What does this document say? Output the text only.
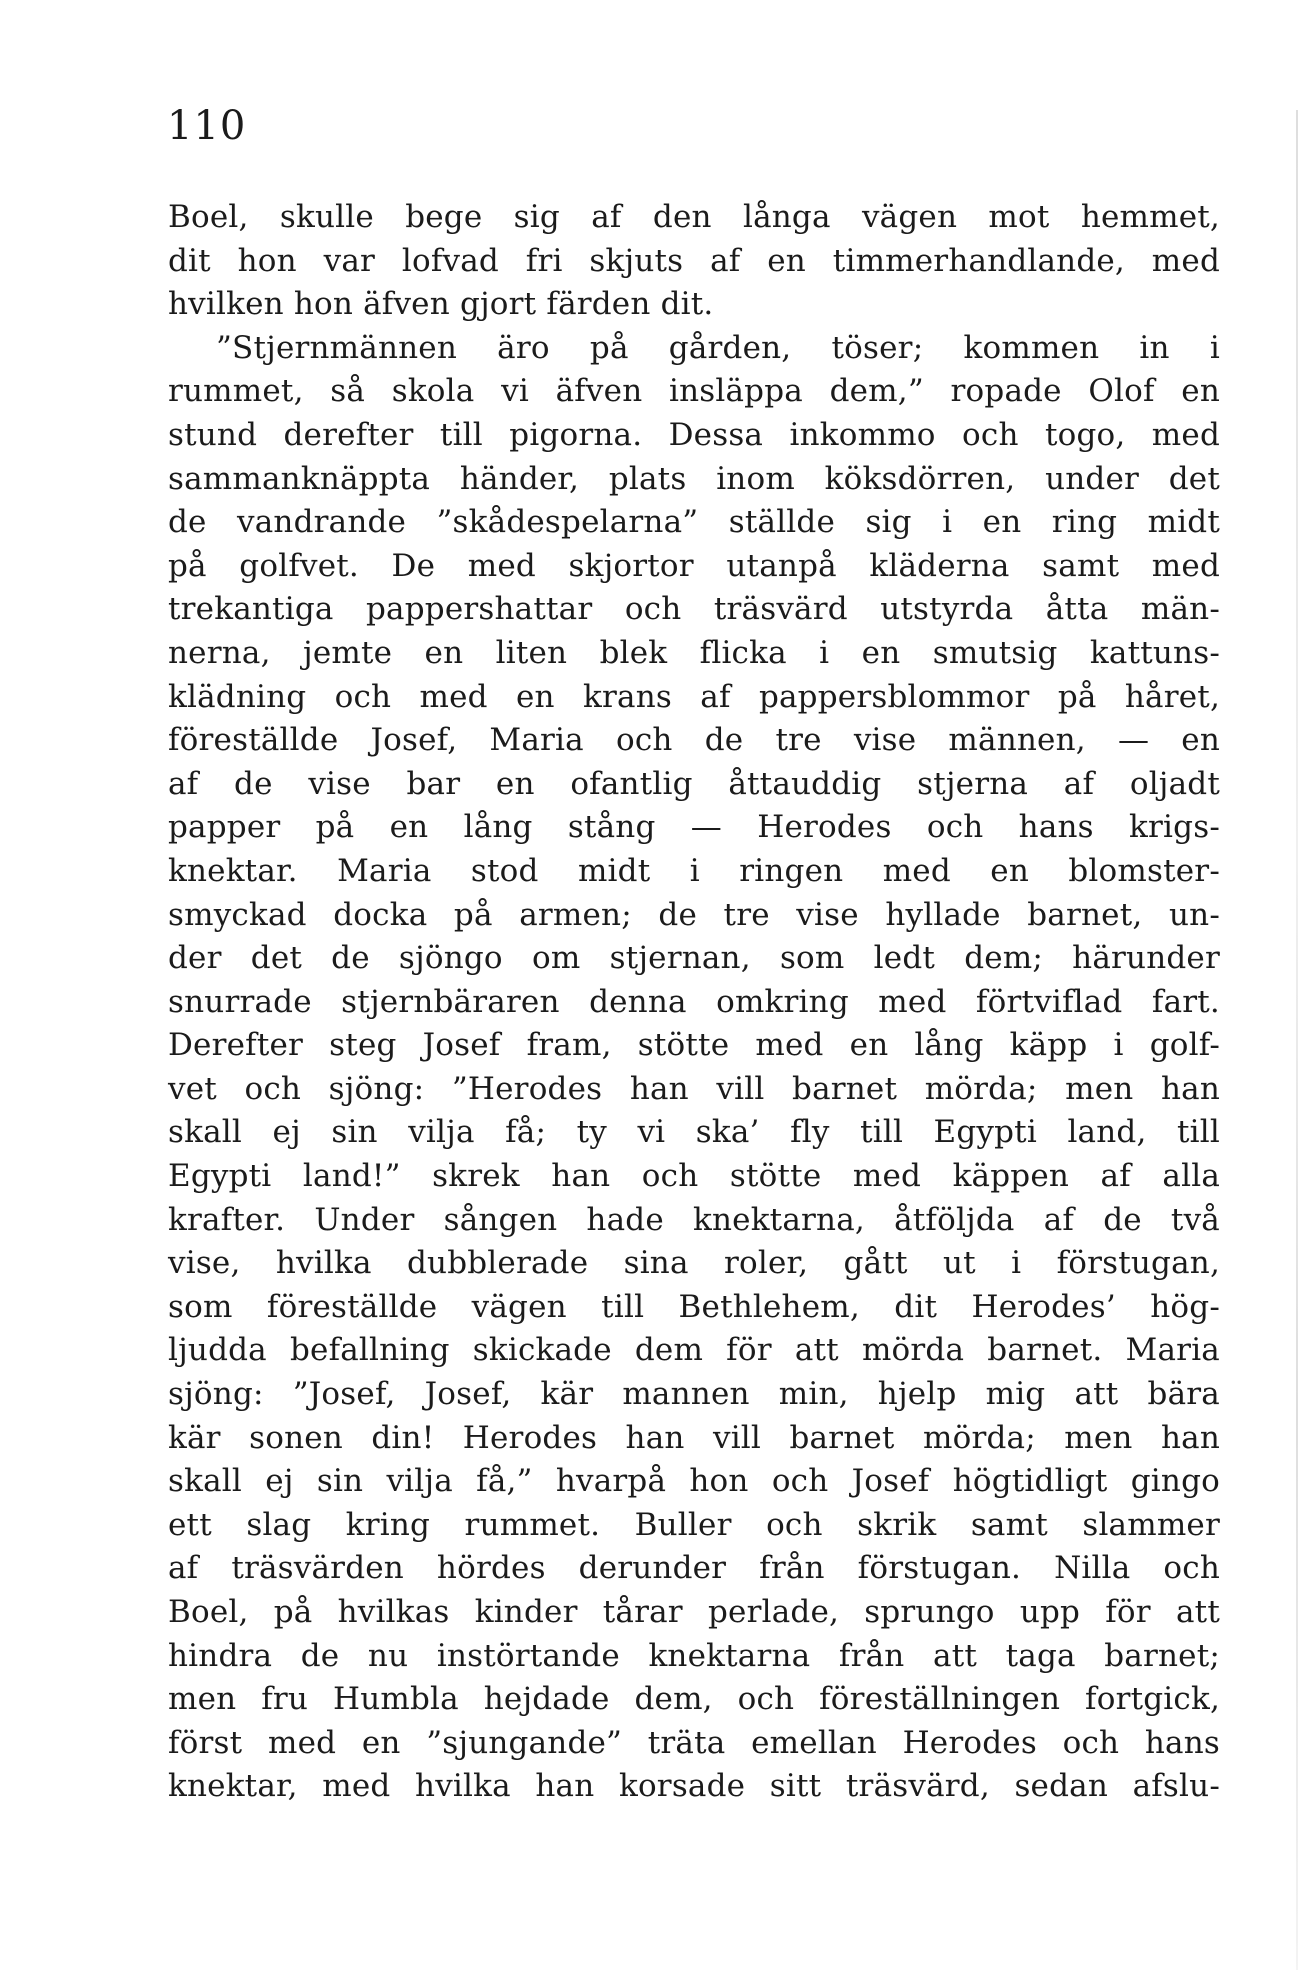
110
Boel, skulle bege sig af den långa vägen mot hemmet,
dit hon var lofvad fri skjuts af en timmerhandlande, med
hvilken hon äfven gjort färden dit.
”Stjernmännen äro på gården, töser; kommen in i
rummet, så skola vi äfven insläppa dem,” ropade Olof en
stund derefter till pigorna. Dessa inkommo och togo, med
sammanknäppta händer, plats inom köksdörren, under det
de vandrande ”skådespelarna” ställde sig i en ring midt
på golfvet. De med skjortor utanpå kläderna samt med
trekantiga pappershattar och träsvärd utstyrda åtta män-
nerna, jemte en liten blek flicka i en smutsig kattuns-
klädning och med en krans af pappersblommor på håret,
föreställde Josef, Maria och de tre vise männen, — en
af de vise bar en ofantlig åttauddig stjerna af oljadt
papper på en lång stång — Herodes och hans krigs-
knektar. Maria stod midt i ringen med en blomster-
smyckad docka på armen; de tre vise hyllade barnet, un-
der det de sjöngo om stjernan, som ledt dem; härunder
snurrade stjernbäraren denna omkring med förtviflad fart.
Derefter steg Josef fram, stötte med en lång käpp i golf-
vet och sjöng: ”Herodes han vill barnet mörda; men han
skall ej sin vilja få; ty vi ska’ fly till Egypti land, till
Egypti land!” skrek han och stötte med käppen af alla
krafter. Under sången hade knektarna, åtföljda af de två
vise, hvilka dubblerade sina roler, gått ut i förstugan,
som föreställde vägen till Bethlehem, dit Herodes’ hög-
ljudda befallning skickade dem för att mörda barnet. Maria
sjöng: ”Josef, Josef, kär mannen min, hjelp mig att bära
kär sonen din! Herodes han vill barnet mörda; men han
skall ej sin vilja få,” hvarpå hon och Josef högtidligt gingo
ett slag kring rummet. Buller och skrik samt slammer
af träsvärden hördes derunder från förstugan. Nilla och
Boel, på hvilkas kinder tårar perlade, sprungo upp för att
hindra de nu instörtande knektarna från att taga barnet;
men fru Humbla hejdade dem, och föreställningen fortgick,
först med en ”sjungande” träta emellan Herodes och hans
knektar, med hvilka han korsade sitt träsvärd, sedan afslu-
